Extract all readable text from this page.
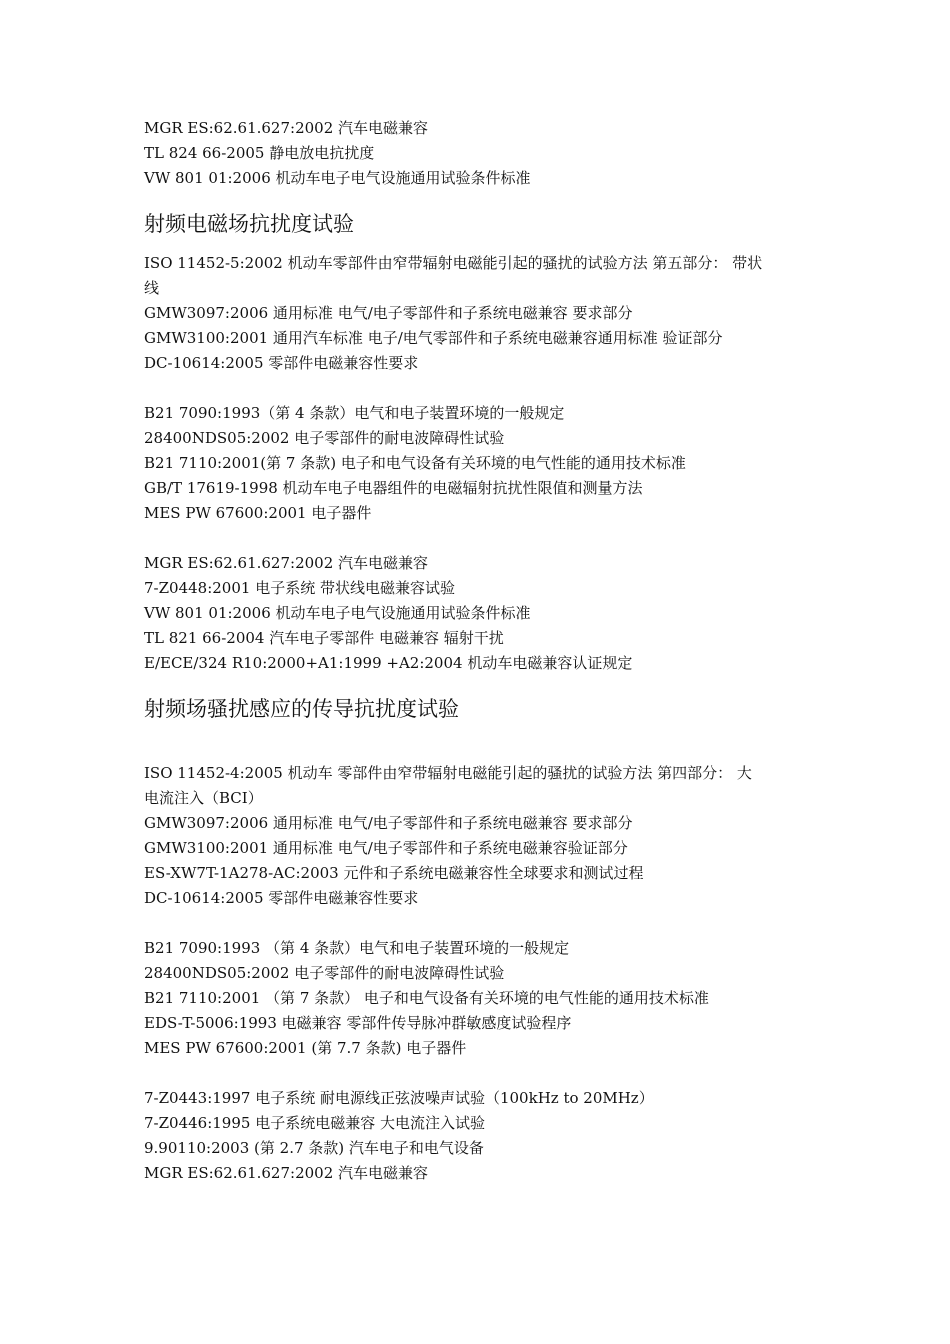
MGR ES:62.61.627:2002 汽车电磁兼容
TL 824 66-2005 静电放电抗扰度
VW 801 01:2006 机动车电子电气设施通用试验条件标准
射频电磁场抗扰度试验
ISO 11452-5:2002 机动车零部件由窄带辐射电磁能引起的骚扰的试验方法 第五部分： 带状
线
GMW3097:2006 通用标准 电气/电子零部件和子系统电磁兼容 要求部分
GMW3100:2001 通用汽车标准 电子/电气零部件和子系统电磁兼容通用标准 验证部分
DC-10614:2005 零部件电磁兼容性要求
B21 7090:1993（第 4 条款）电气和电子装置环境的一般规定
28400NDS05:2002 电子零部件的耐电波障碍性试验
B21 7110:2001(第 7 条款) 电子和电气设备有关环境的电气性能的通用技术标准
GB/T 17619-1998 机动车电子电器组件的电磁辐射抗扰性限值和测量方法
MES PW 67600:2001 电子器件
MGR ES:62.61.627:2002 汽车电磁兼容
7-Z0448:2001 电子系统 带状线电磁兼容试验
VW 801 01:2006 机动车电子电气设施通用试验条件标准
TL 821 66-2004 汽车电子零部件 电磁兼容 辐射干扰
E/ECE/324 R10:2000+A1:1999 +A2:2004 机动车电磁兼容认证规定
射频场骚扰感应的传导抗扰度试验
ISO 11452-4:2005 机动车 零部件由窄带辐射电磁能引起的骚扰的试验方法 第四部分： 大
电流注入（BCI）
GMW3097:2006 通用标准 电气/电子零部件和子系统电磁兼容 要求部分
GMW3100:2001 通用标准 电气/电子零部件和子系统电磁兼容验证部分
ES-XW7T-1A278-AC:2003 元件和子系统电磁兼容性全球要求和测试过程
DC-10614:2005 零部件电磁兼容性要求
B21 7090:1993 （第 4 条款）电气和电子装置环境的一般规定
28400NDS05:2002 电子零部件的耐电波障碍性试验
B21 7110:2001 （第 7 条款） 电子和电气设备有关环境的电气性能的通用技术标准
EDS-T-5006:1993 电磁兼容 零部件传导脉冲群敏感度试验程序
MES PW 67600:2001 (第 7.7 条款) 电子器件
7-Z0443:1997 电子系统 耐电源线正弦波噪声试验（100kHz to 20MHz）
7-Z0446:1995 电子系统电磁兼容 大电流注入试验
9.90110:2003 (第 2.7 条款) 汽车电子和电气设备
MGR ES:62.61.627:2002 汽车电磁兼容
